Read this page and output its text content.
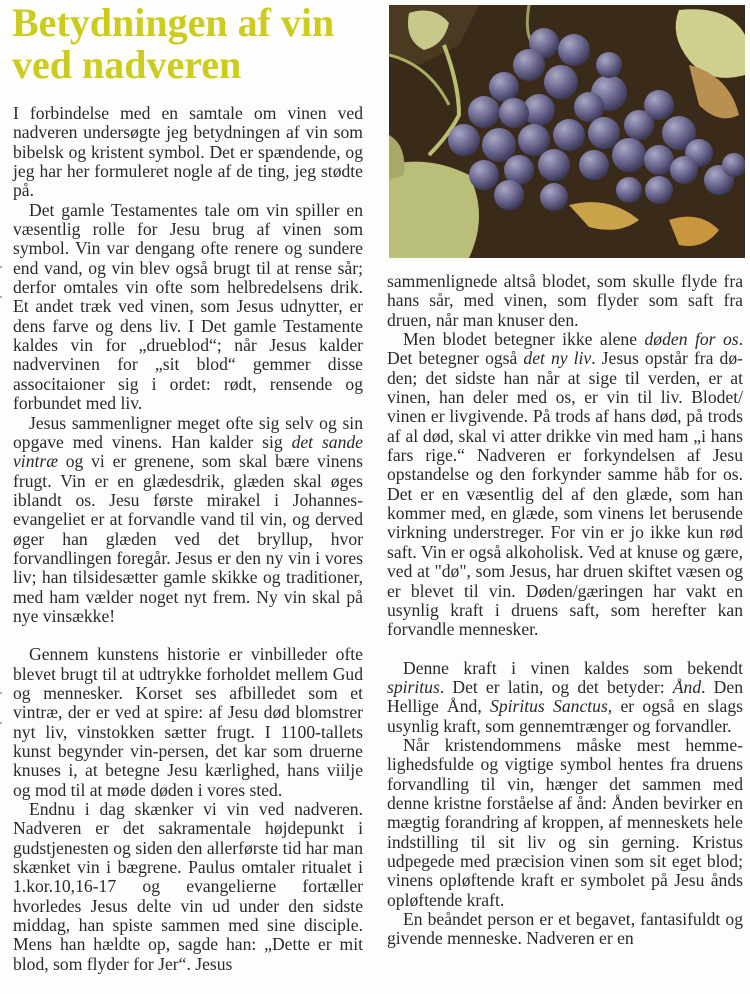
Betydningen af vin
ved nadveren

I forbindelse med en samtale om vinen ved nadveren undersøgte jeg betydningen af vin som bibelsk og kristent symbol. Det er spændende, og jeg har her formuleret nogle af de ting, jeg stødte på.

Det gamle Testamentes tale om vin spiller en væsentlig rolle for Jesu brug af vinen som symbol. Vin var dengang ofte renere og sundere end vand, og vin blev også brugt til at rense sår; derfor omtales vin ofte som helbredelsens drik. Et andet træk ved vinen, som Jesus udnytter, er dens farve og dens liv. I Det gamle Testamente kaldes vin for „drueblod“; når Jesus kalder nadvervinen for „sit blod“ gemmer disse associtaioner sig i ordet: rødt, rensende og forbundet med liv.

Jesus sammenligner meget ofte sig selv og sin opgave med vinens. Han kalder sig det sande vintræ og vi er grenene, som skal bære vinens frugt. Vin er en glædesdrik, glæden skal øges iblandt os. Jesu første mirakel i Johannes-evangeliet er at forvandle vand til vin, og derved øger han glæden ved det bryllup, hvor forvandlingen foregår. Jesus er den ny vin i vores liv; han tilsidesætter gamle skikke og traditioner, med ham vælder noget nyt frem. Ny vin skal på nye vinsække!

Gennem kunstens historie er vinbilleder ofte blevet brugt til at udtrykke forholdet mellem Gud og mennesker. Korset ses afbilledet som et vintræ, der er ved at spire: af Jesu død blomstrer nyt liv, vinstokken sætter frugt. I 1100-tallets kunst begynder vin-persen, det kar som druerne knuses i, at betegne Jesu kærlighed, hans viilje og mod til at møde døden i vores sted.

Endnu i dag skænker vi vin ved nadveren. Nadveren er det sakramentale højdepunkt i gudstjenesten og siden den allerførste tid har man skænket vin i bægrene. Paulus omtaler ritualet i 1.kor.10,16-17 og evangelierne fortæller hvorledes Jesus delte vin ud under den sidste middag, han spiste sammen med sine disciple. Mens han hældte op, sagde han: „Dette er mit blod, som flyder for Jer“. Jesus

sammenlignede altså blodet, som skulle flyde fra hans sår, med vinen, som flyder som saft fra druen, når man knuser den.

Men blodet betegner ikke alene døden for os. Det betegner også det ny liv. Jesus opstår fra døden; det sidste han når at sige til verden, er at vinen, han deler med os, er vin til liv. Blodet/ vinen er livgivende. På trods af hans død, på trods af al død, skal vi atter drikke vin med ham „i hans fars rige.“ Nadveren er forkyndelsen af Jesu opstandelse og den forkynder samme håb for os. Det er en væsentlig del af den glæde, som han kommer med, en glæde, som vinens let berusende virkning understreger. For vin er jo ikke kun rød saft. Vin er også alkoholisk. Ved at knuse og gære, ved at "dø", som Jesus, har druen skiftet væsen og er blevet til vin. Døden/gæringen har vakt en usynlig kraft i druens saft, som herefter kan forvandle mennesker.

Denne kraft i vinen kaldes som bekendt spiritus. Det er latin, og det betyder: Ånd. Den Hellige Ånd, Spiritus Sanctus, er også en slags usynlig kraft, som gennemtrænger og forvandler.

Når kristendommens måske mest hemmelighedsfulde og vigtige symbol hentes fra druens forvandling til vin, hænger det sammen med denne kristne forståelse af ånd: Ånden bevirker en mægtig forandring af kroppen, af menneskets hele indstilling til sit liv og sin gerning. Kristus udpegede med præcision vinen som sit eget blod; vinens opløftende kraft er symbolet på Jesu ånds opløftende kraft.

En beåndet person er et begavet, fantasifuldt og givende menneske. Nadveren er en
